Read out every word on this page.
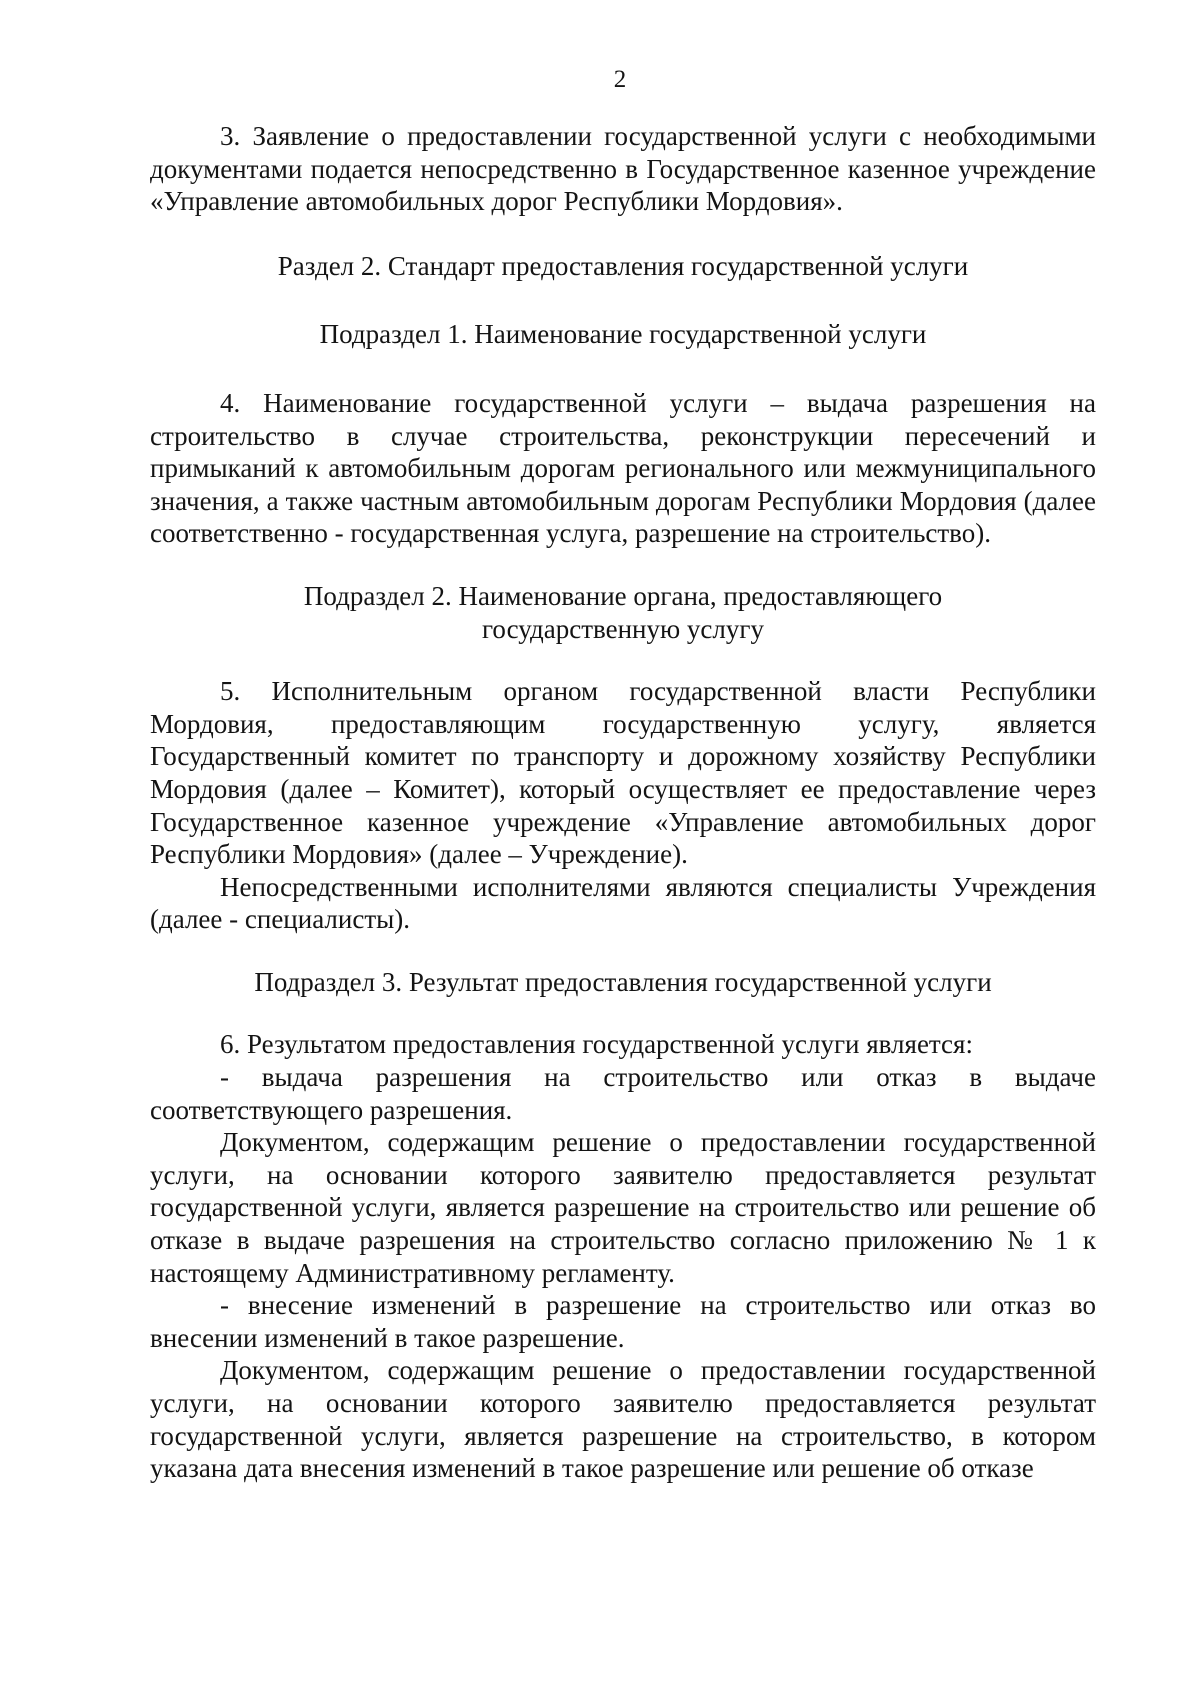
2

3. Заявление о предоставлении государственной услуги с необходимыми документами подается непосредственно в Государственное казенное учреждение «Управление автомобильных дорог Республики Мордовия».

Раздел 2. Стандарт предоставления государственной услуги

Подраздел 1. Наименование государственной услуги

4. Наименование государственной услуги – выдача разрешения на строительство в случае строительства, реконструкции пересечений и примыканий к автомобильным дорогам регионального или межмуниципального значения, а также частным автомобильным дорогам Республики Мордовия (далее соответственно - государственная услуга, разрешение на строительство).

Подраздел 2. Наименование органа, предоставляющего
государственную услугу

5. Исполнительным органом государственной власти Республики Мордовия, предоставляющим государственную услугу, является Государственный комитет по транспорту и дорожному хозяйству Республики Мордовия (далее – Комитет), который осуществляет ее предоставление через Государственное казенное учреждение «Управление автомобильных дорог Республики Мордовия» (далее – Учреждение).

Непосредственными исполнителями являются специалисты Учреждения (далее - специалисты).

Подраздел 3. Результат предоставления государственной услуги

6. Результатом предоставления государственной услуги является:

- выдача разрешения на строительство или отказ в выдаче соответствующего разрешения.

Документом, содержащим решение о предоставлении государственной услуги, на основании которого заявителю предоставляется результат государственной услуги, является разрешение на строительство или решение об отказе в выдаче разрешения на строительство согласно приложению № 1 к настоящему Административному регламенту.

- внесение изменений в разрешение на строительство или отказ во внесении изменений в такое разрешение.

Документом, содержащим решение о предоставлении государственной услуги, на основании которого заявителю предоставляется результат государственной услуги, является разрешение на строительство, в котором указана дата внесения изменений в такое разрешение или решение об отказе
